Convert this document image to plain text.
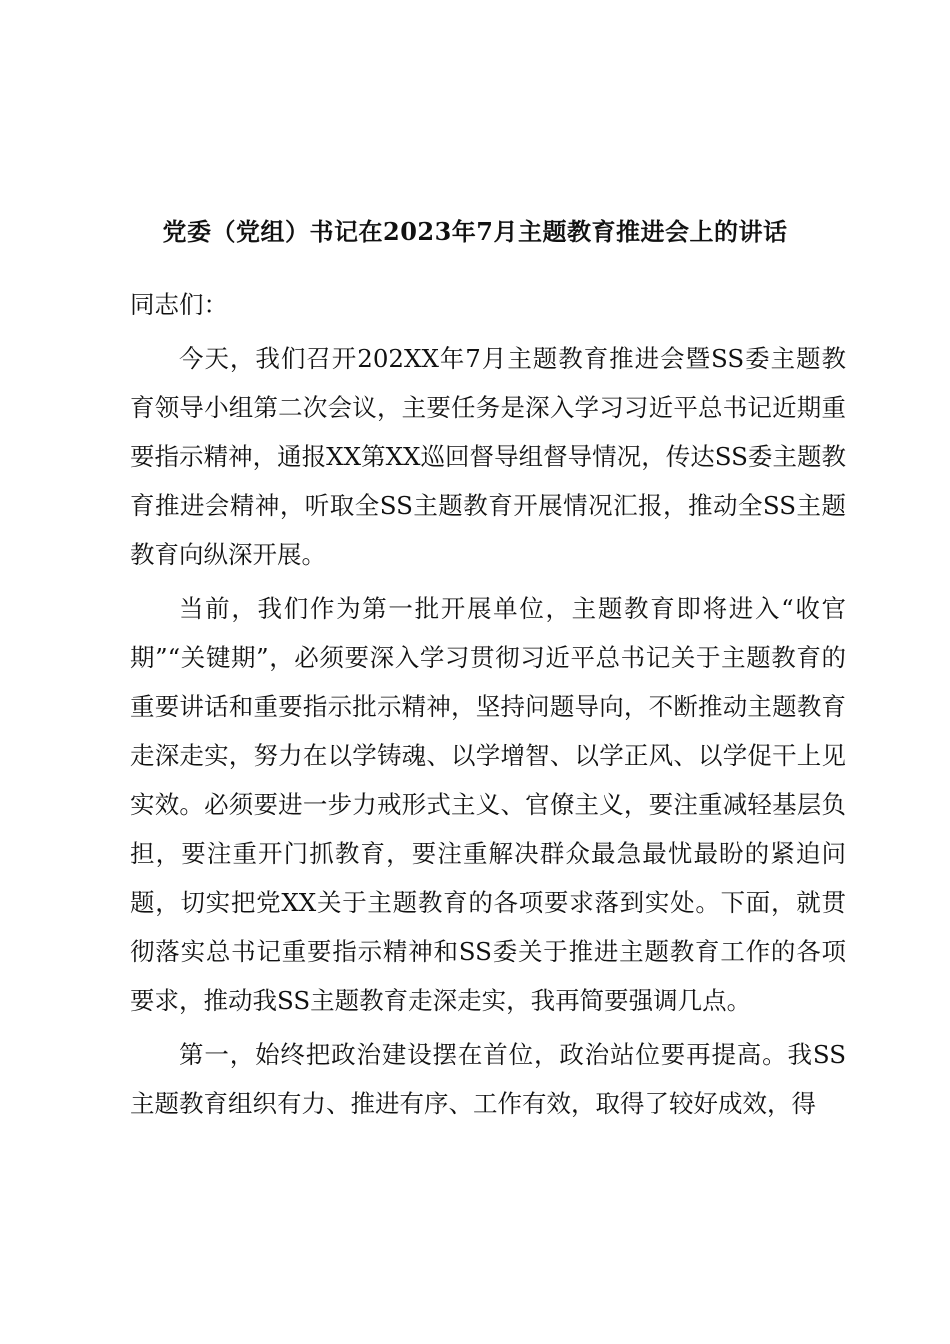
党委（党组）书记在2023年7月主题教育推进会上的讲话

同志们：

今天，我们召开202XX年7月主题教育推进会暨SS委主题教育领导小组第二次会议，主要任务是深入学习习近平总书记近期重要指示精神，通报XX第XX巡回督导组督导情况，传达SS委主题教育推进会精神，听取全SS主题教育开展情况汇报，推动全SS主题教育向纵深开展。

当前，我们作为第一批开展单位，主题教育即将进入“收官期”“关键期”，必须要深入学习贯彻习近平总书记关于主题教育的重要讲话和重要指示批示精神，坚持问题导向，不断推动主题教育走深走实，努力在以学铸魂、以学增智、以学正风、以学促干上见实效。必须要进一步力戒形式主义、官僚主义，要注重减轻基层负担，要注重开门抓教育，要注重解决群众最急最忧最盼的紧迫问题，切实把党XX关于主题教育的各项要求落到实处。下面，就贯彻落实总书记重要指示精神和SS委关于推进主题教育工作的各项要求，推动我SS主题教育走深走实，我再简要强调几点。

第一，始终把政治建设摆在首位，政治站位要再提高。我SS主题教育组织有力、推进有序、工作有效，取得了较好成效，得
